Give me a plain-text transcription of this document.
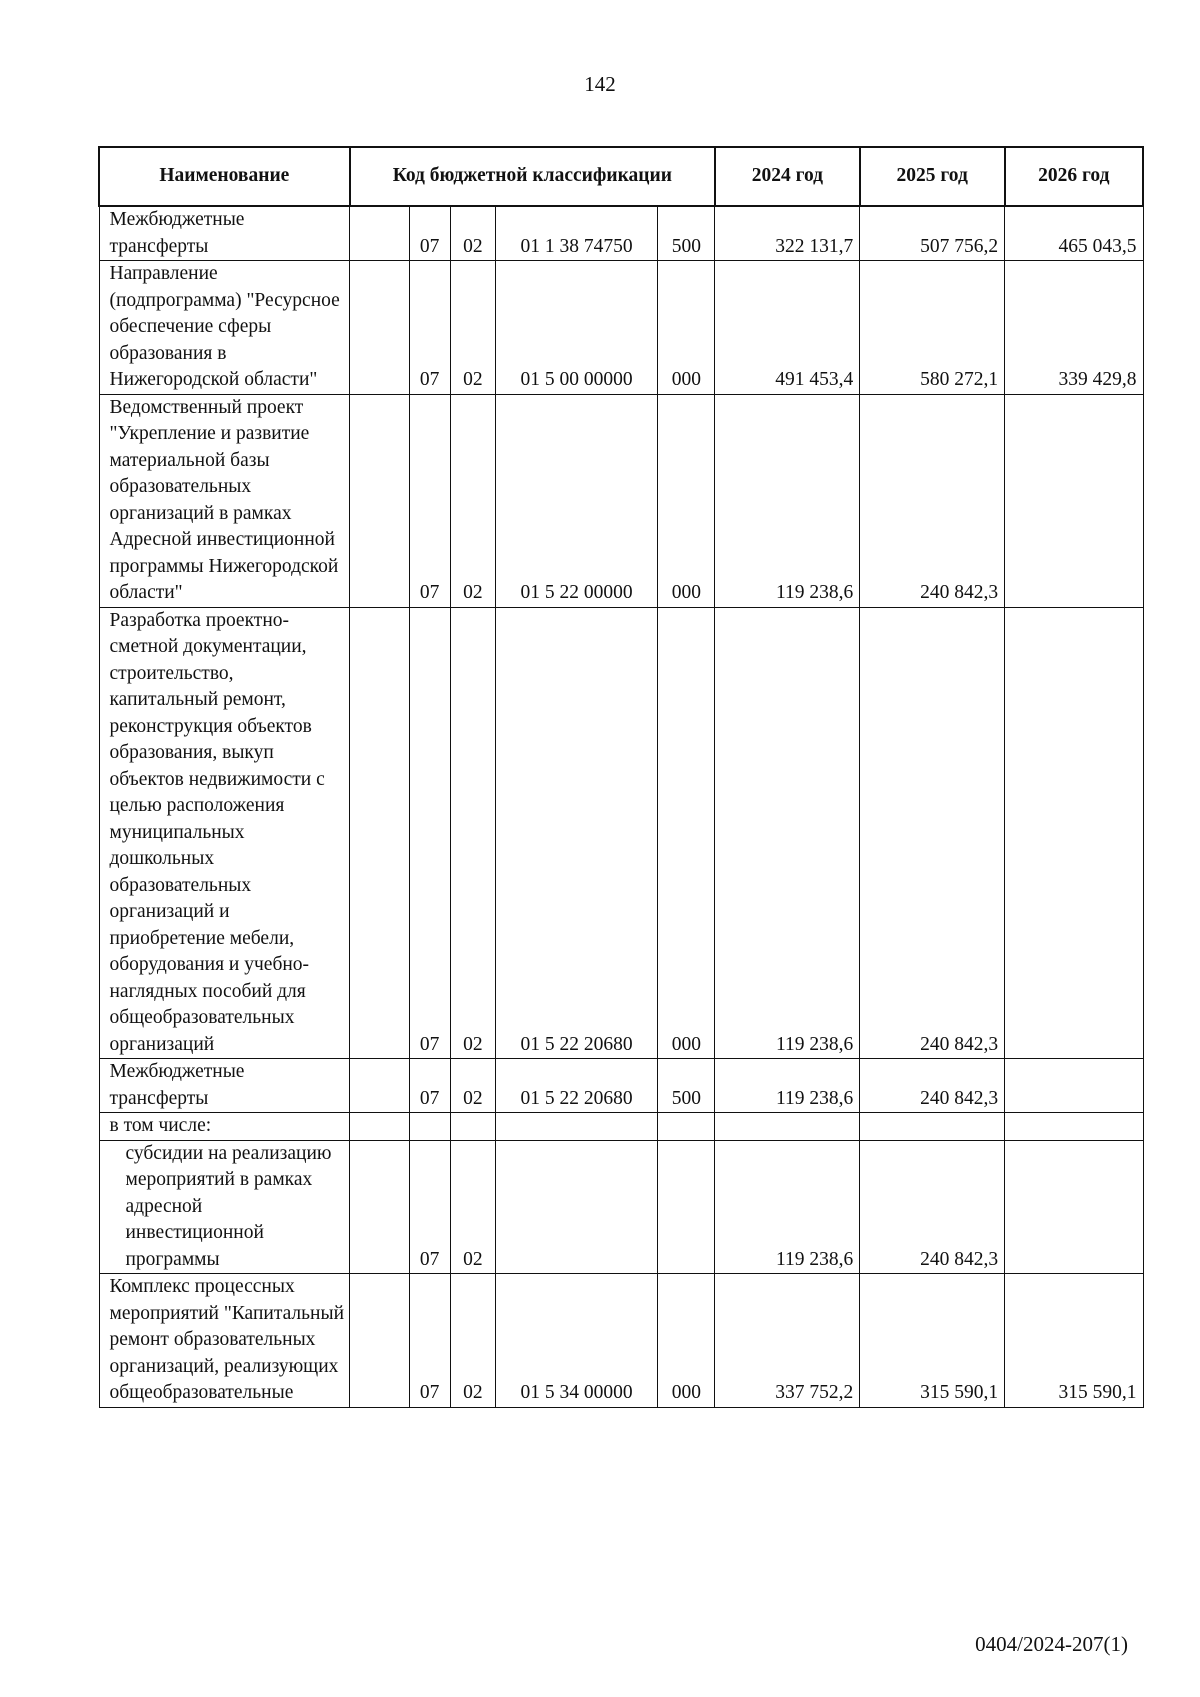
142
Наименование	Код бюджетной классификации					2024 год	2025 год	2026 год
Межбюджетные трансферты		07	02	01 1 38 74750	500	322 131,7	507 756,2	465 043,5
Направление (подпрограмма) "Ресурсное обеспечение сферы образования в Нижегородской области"		07	02	01 5 00 00000	000	491 453,4	580 272,1	339 429,8
Ведомственный проект "Укрепление и развитие материальной базы образовательных организаций в рамках Адресной инвестиционной программы Нижегородской области"		07	02	01 5 22 00000	000	119 238,6	240 842,3	
Разработка проектно-сметной документации, строительство, капитальный ремонт, реконструкция объектов образования, выкуп объектов недвижимости с целью расположения муниципальных дошкольных образовательных организаций и приобретение мебели, оборудования и учебно-наглядных пособий для общеобразовательных организаций		07	02	01 5 22 20680	000	119 238,6	240 842,3	
Межбюджетные трансферты		07	02	01 5 22 20680	500	119 238,6	240 842,3	
в том числе:								
субсидии на реализацию мероприятий в рамках адресной инвестиционной программы		07	02			119 238,6	240 842,3	
Комплекс процессных мероприятий "Капитальный ремонт образовательных организаций, реализующих общеобразовательные		07	02	01 5 34 00000	000	337 752,2	315 590,1	315 590,1
0404/2024-207(1)
